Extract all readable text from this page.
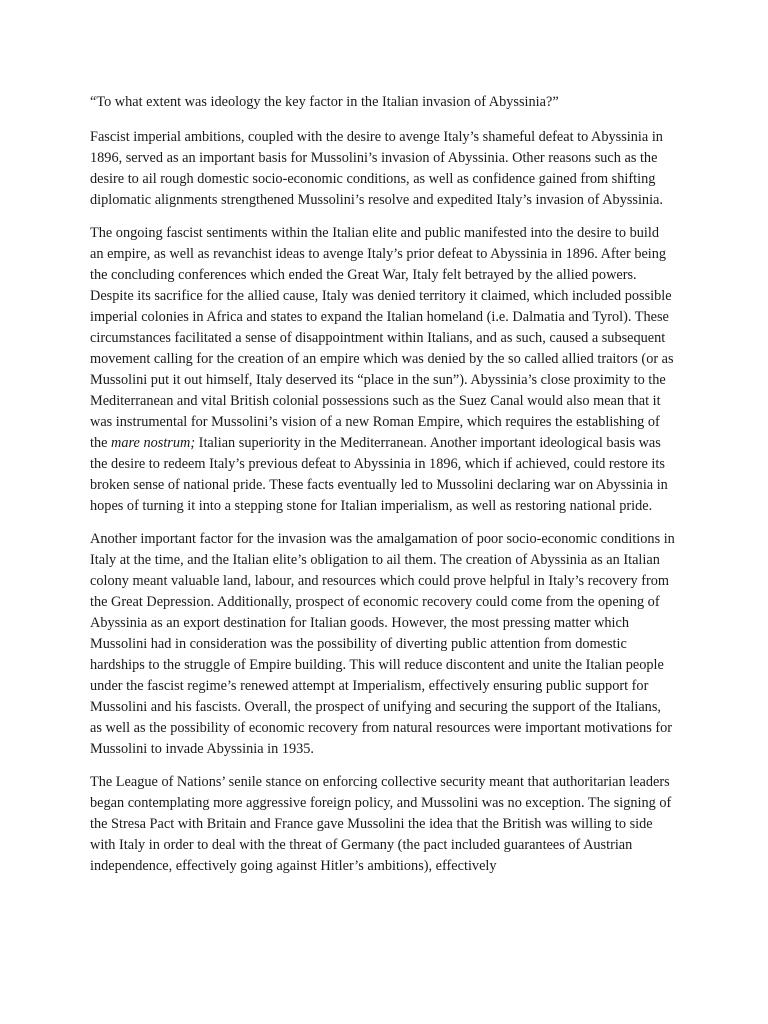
“To what extent was ideology the key factor in the Italian invasion of Abyssinia?”

Fascist imperial ambitions, coupled with the desire to avenge Italy’s shameful defeat to Abyssinia in 1896, served as an important basis for Mussolini’s invasion of Abyssinia. Other reasons such as the desire to ail rough domestic socio-economic conditions, as well as confidence gained from shifting diplomatic alignments strengthened Mussolini’s resolve and expedited Italy’s invasion of Abyssinia.

The ongoing fascist sentiments within the Italian elite and public manifested into the desire to build an empire, as well as revanchist ideas to avenge Italy’s prior defeat to Abyssinia in 1896. After being the concluding conferences which ended the Great War, Italy felt betrayed by the allied powers. Despite its sacrifice for the allied cause, Italy was denied territory it claimed, which included possible imperial colonies in Africa and states to expand the Italian homeland (i.e. Dalmatia and Tyrol). These circumstances facilitated a sense of disappointment within Italians, and as such, caused a subsequent movement calling for the creation of an empire which was denied by the so called allied traitors (or as Mussolini put it out himself, Italy deserved its “place in the sun”). Abyssinia’s close proximity to the Mediterranean and vital British colonial possessions such as the Suez Canal would also mean that it was instrumental for Mussolini’s vision of a new Roman Empire, which requires the establishing of the mare nostrum; Italian superiority in the Mediterranean. Another important ideological basis was the desire to redeem Italy’s previous defeat to Abyssinia in 1896, which if achieved, could restore its broken sense of national pride. These facts eventually led to Mussolini declaring war on Abyssinia in hopes of turning it into a stepping stone for Italian imperialism, as well as restoring national pride.

Another important factor for the invasion was the amalgamation of poor socio-economic conditions in Italy at the time, and the Italian elite’s obligation to ail them. The creation of Abyssinia as an Italian colony meant valuable land, labour, and resources which could prove helpful in Italy’s recovery from the Great Depression. Additionally, prospect of economic recovery could come from the opening of Abyssinia as an export destination for Italian goods. However, the most pressing matter which Mussolini had in consideration was the possibility of diverting public attention from domestic hardships to the struggle of Empire building. This will reduce discontent and unite the Italian people under the fascist regime’s renewed attempt at Imperialism, effectively ensuring public support for Mussolini and his fascists. Overall, the prospect of unifying and securing the support of the Italians, as well as the possibility of economic recovery from natural resources were important motivations for Mussolini to invade Abyssinia in 1935.

The League of Nations’ senile stance on enforcing collective security meant that authoritarian leaders began contemplating more aggressive foreign policy, and Mussolini was no exception. The signing of the Stresa Pact with Britain and France gave Mussolini the idea that the British was willing to side with Italy in order to deal with the threat of Germany (the pact included guarantees of Austrian independence, effectively going against Hitler’s ambitions), effectively
